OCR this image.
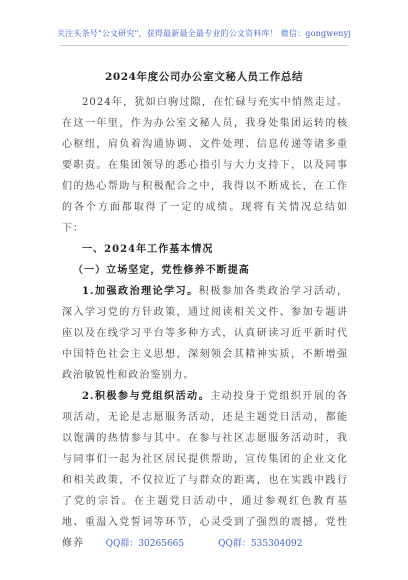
关注头条号"公文研究"，获得最新最全最专业的公文资料库！ 微信：gongwenyj
2024年度公司办公室文秘人员工作总结

2024年，犹如白驹过隙，在忙碌与充实中悄然走过。在这一年里，作为办公室文秘人员，我身处集团运转的核心枢纽，肩负着沟通协调、文件处理、信息传递等诸多重要职责。在集团领导的悉心指引与大力支持下，以及同事们的热心帮助与积极配合之中，我得以不断成长，在工作的各个方面都取得了一定的成绩。现将有关情况总结如下：

一、2024年工作基本情况
（一）立场坚定，党性修养不断提高

1.加强政治理论学习。积极参加各类政治学习活动，深入学习党的方针政策，通过阅读相关文件、参加专题讲座以及在线学习平台等多种方式，认真研读习近平新时代中国特色社会主义思想，深刻领会其精神实质，不断增强政治敏锐性和政治鉴别力。

2.积极参与党组织活动。主动投身于党组织开展的各项活动，无论是志愿服务活动，还是主题党日活动，都能以饱满的热情参与其中。在参与社区志愿服务活动时，我与同事们一起为社区居民提供帮助，宣传集团的企业文化和相关政策，不仅拉近了与群众的距离，也在实践中践行了党的宗旨。在主题党日活动中，通过参观红色教育基地、重温入党誓词等环节，心灵受到了强烈的震撼，党性修养	QQ群：30265665	QQ群：535304092
